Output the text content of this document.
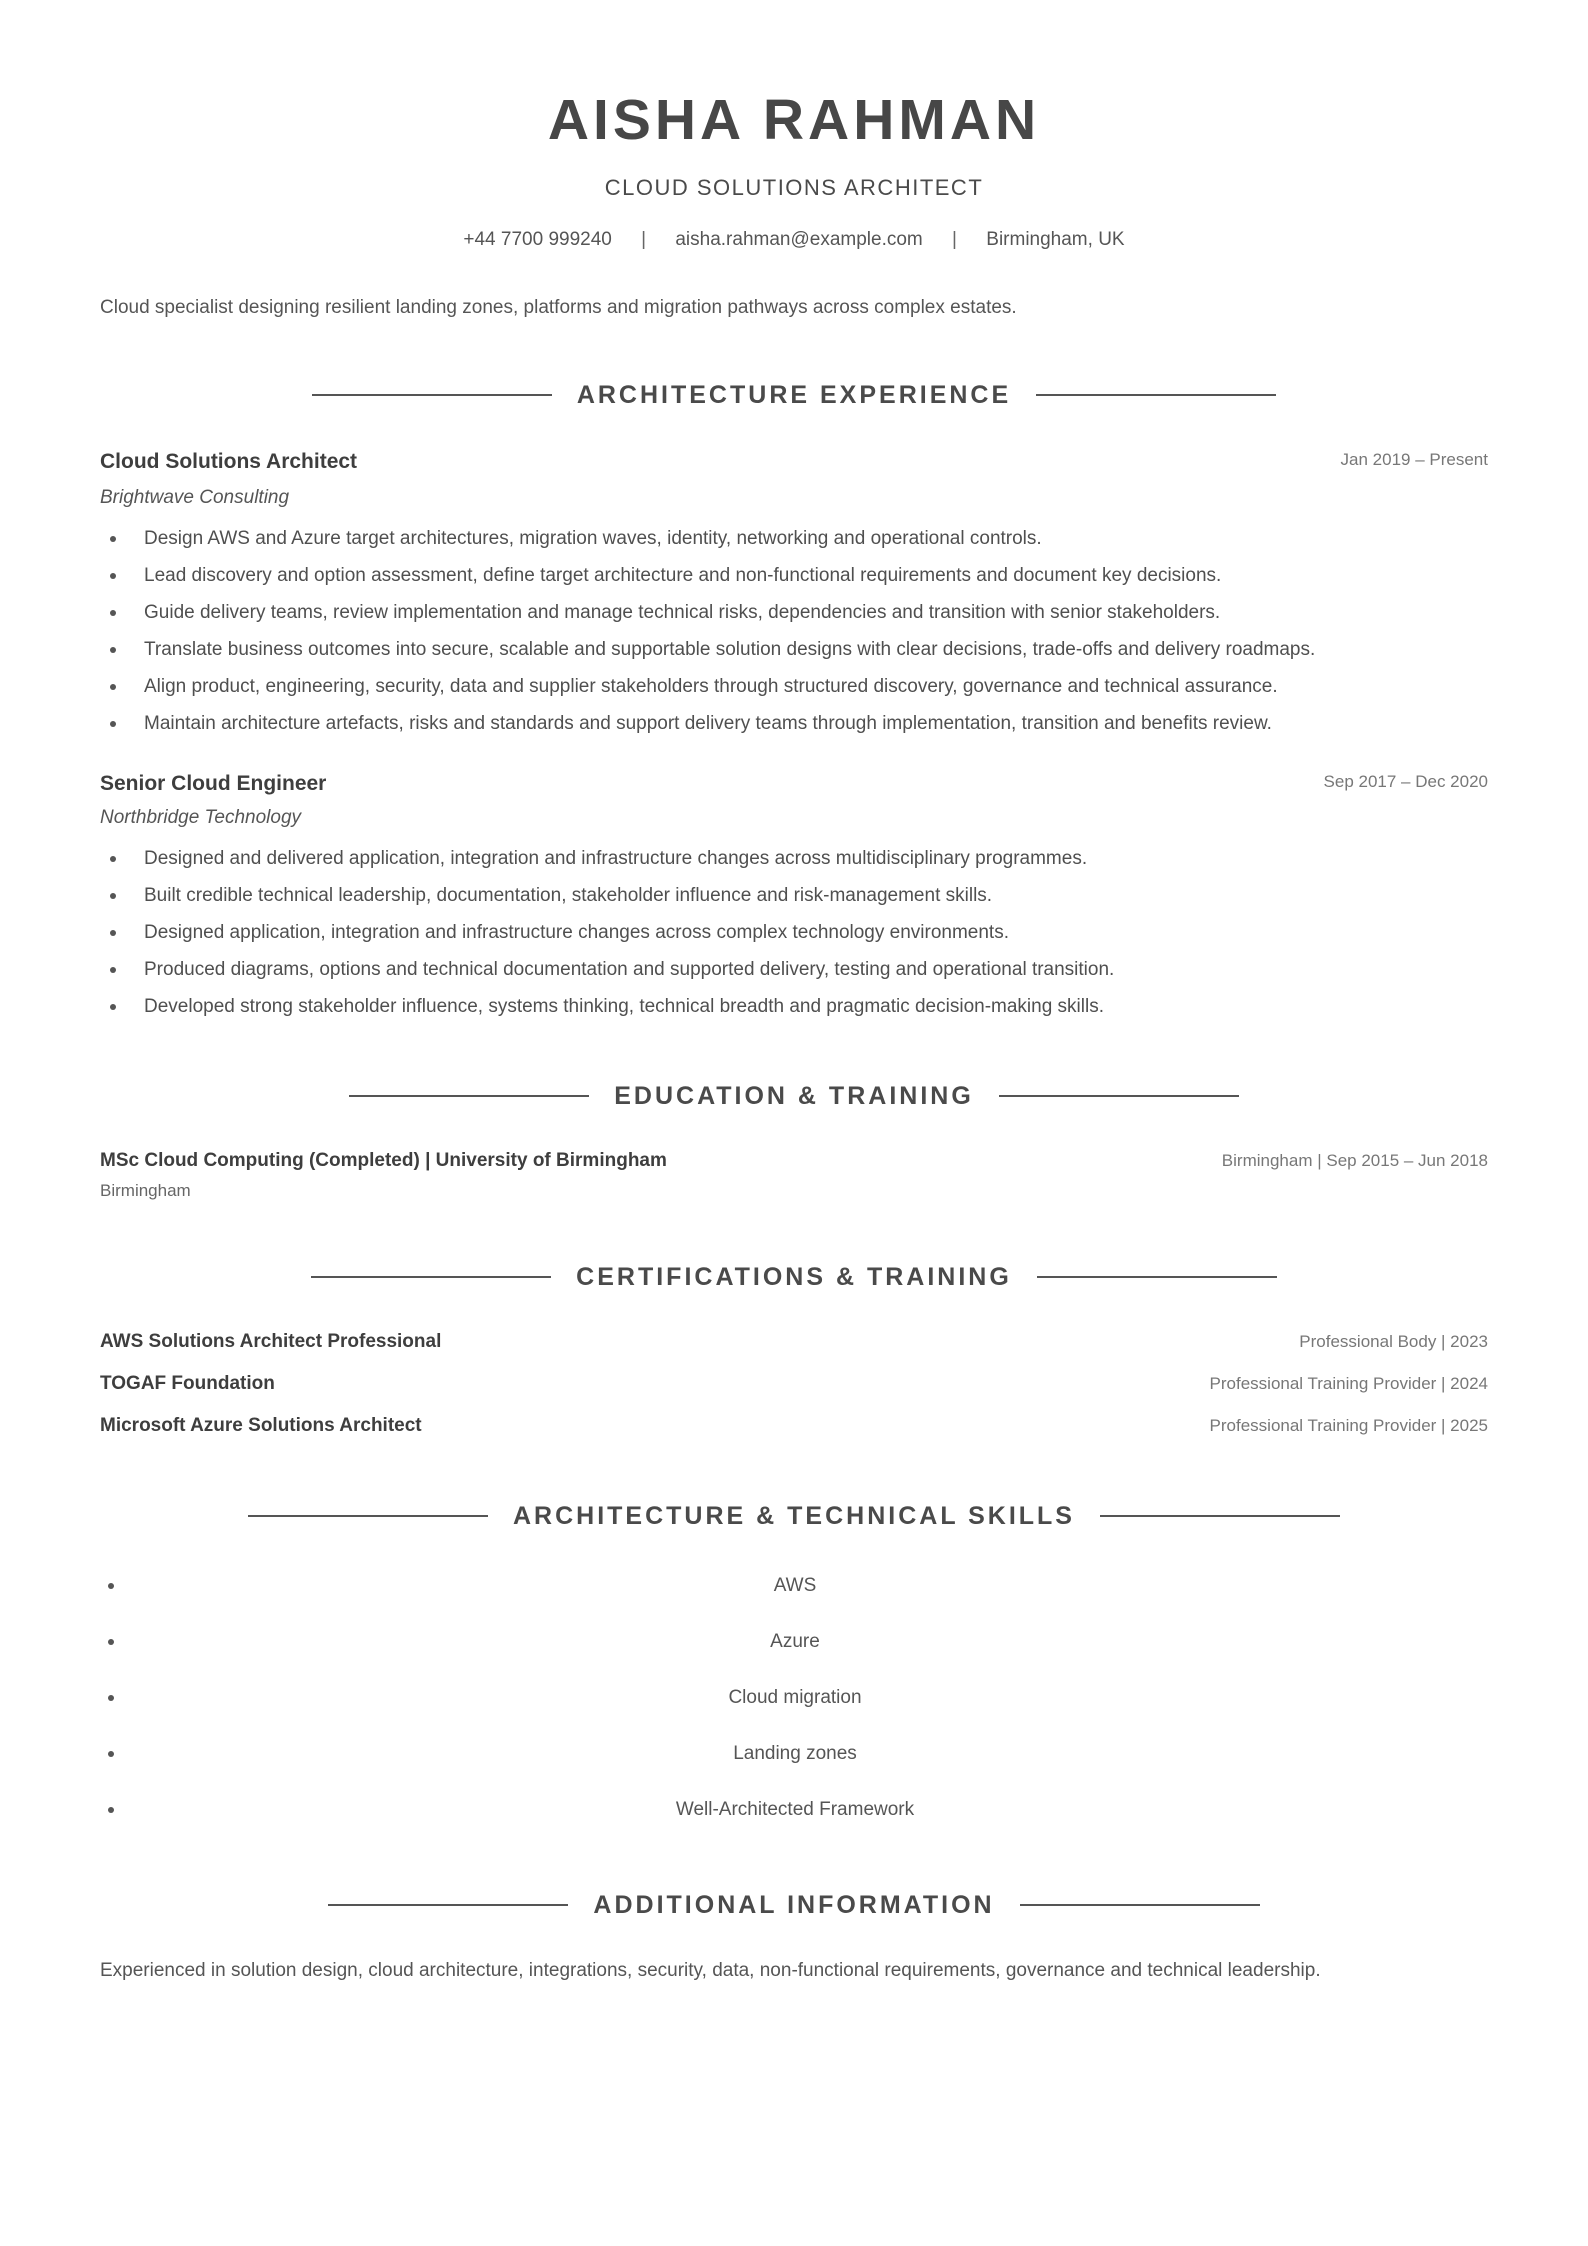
AISHA RAHMAN
CLOUD SOLUTIONS ARCHITECT
+44 7700 999240 | aisha.rahman@example.com | Birmingham, UK
Cloud specialist designing resilient landing zones, platforms and migration pathways across complex estates.
ARCHITECTURE EXPERIENCE
Cloud Solutions Architect	Jan 2019 – Present
Brightwave Consulting
Design AWS and Azure target architectures, migration waves, identity, networking and operational controls.
Lead discovery and option assessment, define target architecture and non-functional requirements and document key decisions.
Guide delivery teams, review implementation and manage technical risks, dependencies and transition with senior stakeholders.
Translate business outcomes into secure, scalable and supportable solution designs with clear decisions, trade-offs and delivery roadmaps.
Align product, engineering, security, data and supplier stakeholders through structured discovery, governance and technical assurance.
Maintain architecture artefacts, risks and standards and support delivery teams through implementation, transition and benefits review.
Senior Cloud Engineer	Sep 2017 – Dec 2020
Northbridge Technology
Designed and delivered application, integration and infrastructure changes across multidisciplinary programmes.
Built credible technical leadership, documentation, stakeholder influence and risk-management skills.
Designed application, integration and infrastructure changes across complex technology environments.
Produced diagrams, options and technical documentation and supported delivery, testing and operational transition.
Developed strong stakeholder influence, systems thinking, technical breadth and pragmatic decision-making skills.
EDUCATION & TRAINING
MSc Cloud Computing (Completed) | University of Birmingham	Birmingham | Sep 2015 – Jun 2018
Birmingham
CERTIFICATIONS & TRAINING
AWS Solutions Architect Professional	Professional Body | 2023
TOGAF Foundation	Professional Training Provider | 2024
Microsoft Azure Solutions Architect	Professional Training Provider | 2025
ARCHITECTURE & TECHNICAL SKILLS
AWS
Azure
Cloud migration
Landing zones
Well-Architected Framework
ADDITIONAL INFORMATION
Experienced in solution design, cloud architecture, integrations, security, data, non-functional requirements, governance and technical leadership.
